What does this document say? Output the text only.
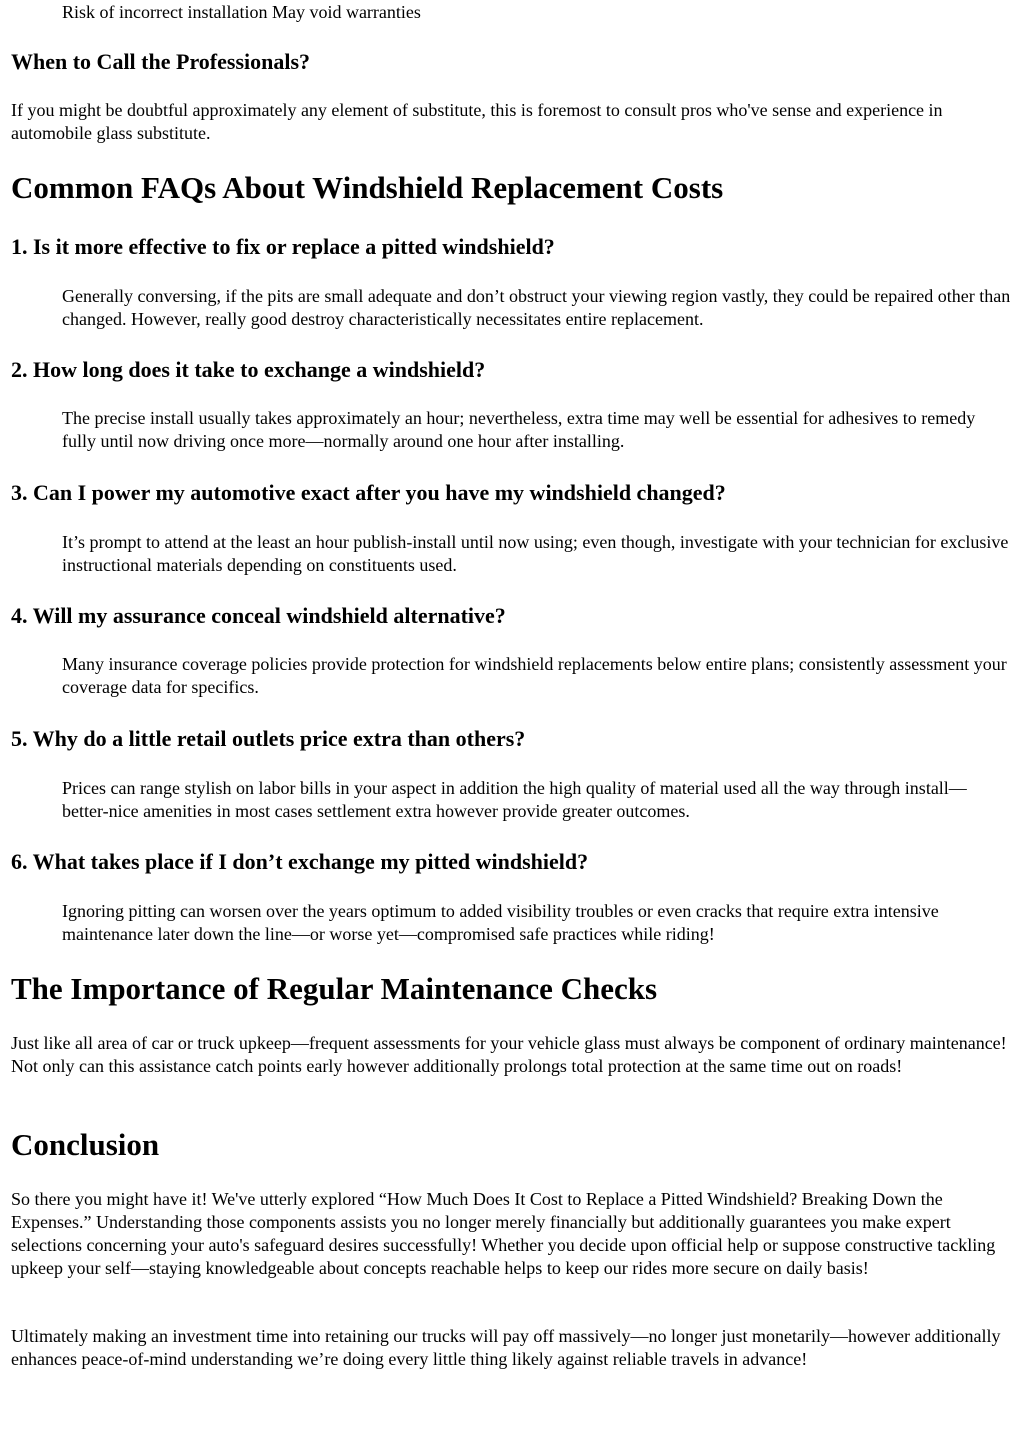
Risk of incorrect installation May void warranties
When to Call the Professionals?

If you might be doubtful approximately any element of substitute, this is foremost to consult pros who've sense and experience in automobile glass substitute.

Common FAQs About Windshield Replacement Costs
1. Is it more effective to fix or replace a pitted windshield?
Generally conversing, if the pits are small adequate and don’t obstruct your viewing region vastly, they could be repaired other than changed. However, really good destroy characteristically necessitates entire replacement.
2. How long does it take to exchange a windshield?
The precise install usually takes approximately an hour; nevertheless, extra time may well be essential for adhesives to remedy fully until now driving once more—normally around one hour after installing.
3. Can I power my automotive exact after you have my windshield changed?
It’s prompt to attend at the least an hour publish-install until now using; even though, investigate with your technician for exclusive instructional materials depending on constituents used.
4. Will my assurance conceal windshield alternative?
Many insurance coverage policies provide protection for windshield replacements below entire plans; consistently assessment your coverage data for specifics.
5. Why do a little retail outlets price extra than others?
Prices can range stylish on labor bills in your aspect in addition the high quality of material used all the way through install—better-nice amenities in most cases settlement extra however provide greater outcomes.
6. What takes place if I don’t exchange my pitted windshield?
Ignoring pitting can worsen over the years optimum to added visibility troubles or even cracks that require extra intensive maintenance later down the line—or worse yet—compromised safe practices while riding!
The Importance of Regular Maintenance Checks

Just like all area of car or truck upkeep—frequent assessments for your vehicle glass must always be component of ordinary maintenance! Not only can this assistance catch points early however additionally prolongs total protection at the same time out on roads!

Conclusion

So there you might have it! We've utterly explored “How Much Does It Cost to Replace a Pitted Windshield? Breaking Down the Expenses.” Understanding those components assists you no longer merely financially but additionally guarantees you make expert selections concerning your auto's safeguard desires successfully! Whether you decide upon official help or suppose constructive tackling upkeep your self—staying knowledgeable about concepts reachable helps to keep our rides more secure on daily basis!

Ultimately making an investment time into retaining our trucks will pay off massively—no longer just monetarily—however additionally enhances peace-of-mind understanding we’re doing every little thing likely against reliable travels in advance!
